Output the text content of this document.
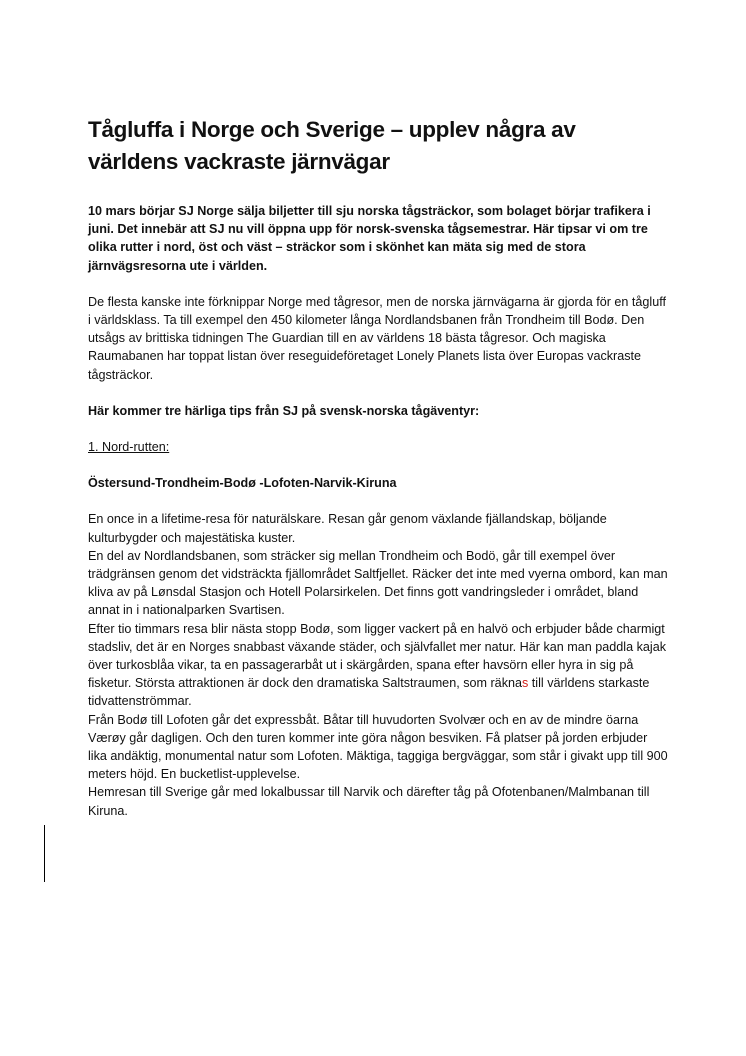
Tågluffa i Norge och Sverige – upplev några av världens vackraste järnvägar

10 mars börjar SJ Norge sälja biljetter till sju norska tågsträckor, som bolaget börjar trafikera i juni. Det innebär att SJ nu vill öppna upp för norsk-svenska tågsemestrar. Här tipsar vi om tre olika rutter i nord, öst och väst – sträckor som i skönhet kan mäta sig med de stora järnvägsresorna ute i världen.

De flesta kanske inte förknippar Norge med tågresor, men de norska järnvägarna är gjorda för en tågluff i världsklass. Ta till exempel den 450 kilometer långa Nordlandsbanen från Trondheim till Bodø. Den utsågs av brittiska tidningen The Guardian till en av världens 18 bästa tågresor. Och magiska Raumabanen har toppat listan över reseguideföretaget Lonely Planets lista över Europas vackraste tågsträckor.

Här kommer tre härliga tips från SJ på svensk-norska tågäventyr:

1. Nord-rutten:

Östersund-Trondheim-Bodø -Lofoten-Narvik-Kiruna

En once in a lifetime-resa för naturälskare. Resan går genom växlande fjällandskap, böljande kulturbygder och majestätiska kuster.

En del av Nordlandsbanen, som sträcker sig mellan Trondheim och Bodö, går till exempel över trädgränsen genom det vidsträckta fjällområdet Saltfjellet. Räcker det inte med vyerna ombord, kan man kliva av på Lønsdal Stasjon och Hotell Polarsirkelen. Det finns gott vandringsleder i området, bland annat in i nationalparken Svartisen.

Efter tio timmars resa blir nästa stopp Bodø, som ligger vackert på en halvö och erbjuder både charmigt stadsliv, det är en Norges snabbast växande städer, och självfallet mer natur. Här kan man paddla kajak över turkosblåa vikar, ta en passagerarbåt ut i skärgården, spana efter havsörn eller hyra in sig på fisketur. Största attraktionen är dock den dramatiska Saltstraumen, som räknas till världens starkaste tidvattenströmmar.

Från Bodø till Lofoten går det expressbåt. Båtar till huvudorten Svolvær och en av de mindre öarna Værøy går dagligen. Och den turen kommer inte göra någon besviken. Få platser på jorden erbjuder lika andäktig, monumental natur som Lofoten. Mäktiga, taggiga bergväggar, som står i givakt upp till 900 meters höjd. En bucketlist-upplevelse.

Hemresan till Sverige går med lokalbussar till Narvik och därefter tåg på Ofotenbanen/Malmbanan till Kiruna.
